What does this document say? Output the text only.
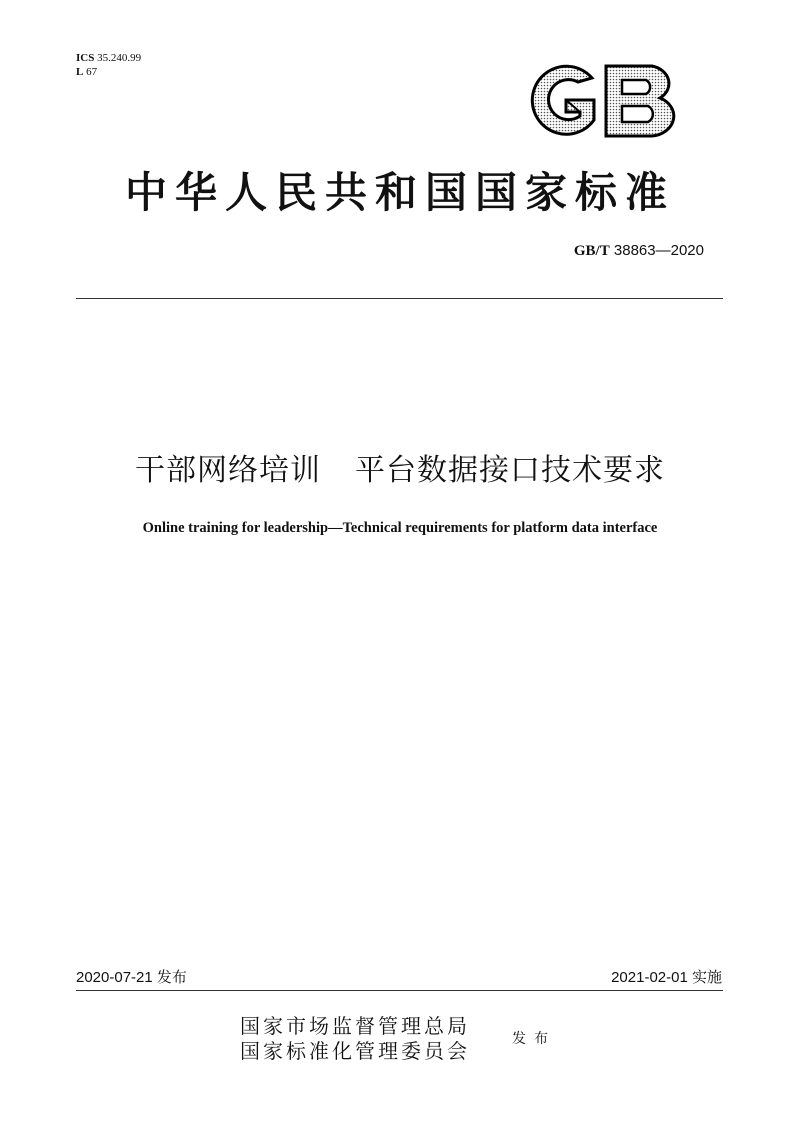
ICS 35.240.99
L 67
中华人民共和国国家标准
GB/T 38863—2020
干部网络培训 平台数据接口技术要求
Online training for leadership—Technical requirements for platform data interface
2020-07-21 发布	2021-02-01 实施
国家市场监督管理总局
国家标准化管理委员会	发布
